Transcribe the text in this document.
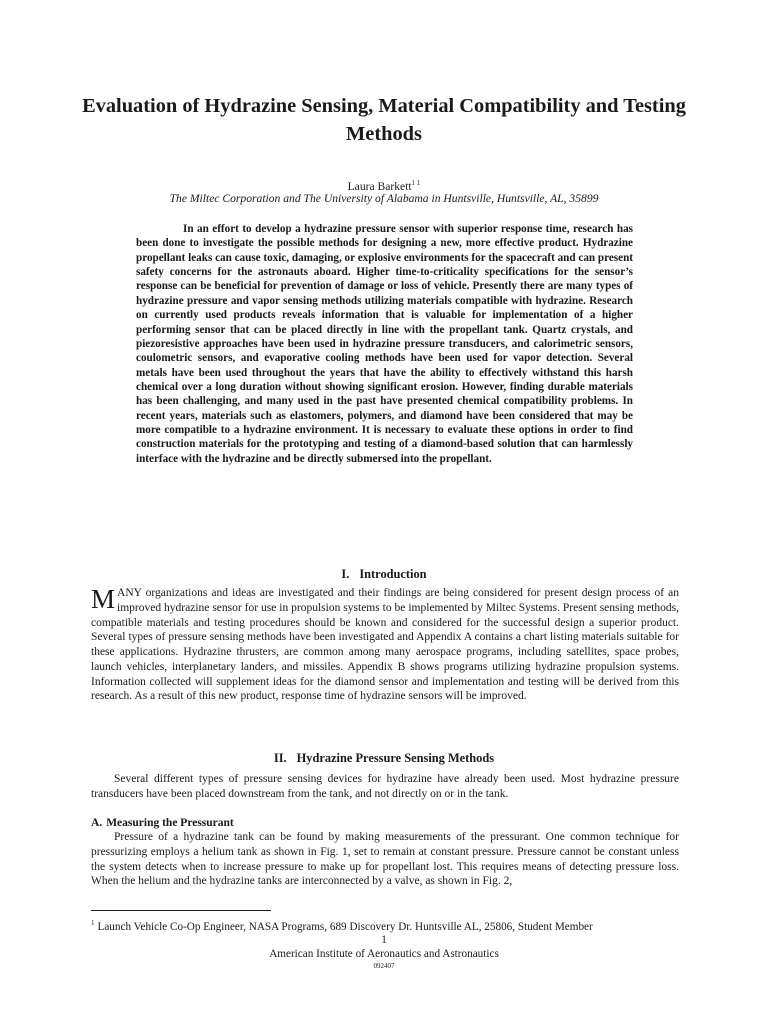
Evaluation of Hydrazine Sensing, Material Compatibility and Testing Methods
Laura Barkett$^{1 1}$
The Miltec Corporation and The University of Alabama in Huntsville, Huntsville, AL, 35899

In an effort to develop a hydrazine pressure sensor with superior response time, research has been done to investigate the possible methods for designing a new, more effective product. Hydrazine propellant leaks can cause toxic, damaging, or explosive environments for the spacecraft and can present safety concerns for the astronauts aboard. Higher time-to-criticality specifications for the sensor’s response can be beneficial for prevention of damage or loss of vehicle. Presently there are many types of hydrazine pressure and vapor sensing methods utilizing materials compatible with hydrazine. Research on currently used products reveals information that is valuable for implementation of a higher performing sensor that can be placed directly in line with the propellant tank. Quartz crystals, and piezoresistive approaches have been used in hydrazine pressure transducers, and calorimetric sensors, coulometric sensors, and evaporative cooling methods have been used for vapor detection. Several metals have been used throughout the years that have the ability to effectively withstand this harsh chemical over a long duration without showing significant erosion. However, finding durable materials has been challenging, and many used in the past have presented chemical compatibility problems. In recent years, materials such as elastomers, polymers, and diamond have been considered that may be more compatible to a hydrazine environment. It is necessary to evaluate these options in order to find construction materials for the prototyping and testing of a diamond-based solution that can harmlessly interface with the hydrazine and be directly submersed into the propellant.

I. Introduction

MANY organizations and ideas are investigated and their findings are being considered for present design process of an improved hydrazine sensor for use in propulsion systems to be implemented by Miltec Systems. Present sensing methods, compatible materials and testing procedures should be known and considered for the successful design a superior product. Several types of pressure sensing methods have been investigated and Appendix A contains a chart listing materials suitable for these applications. Hydrazine thrusters, are common among many aerospace programs, including satellites, space probes, launch vehicles, interplanetary landers, and missiles. Appendix B shows programs utilizing hydrazine propulsion systems. Information collected will supplement ideas for the diamond sensor and implementation and testing will be derived from this research. As a result of this new product, response time of hydrazine sensors will be improved.

II. Hydrazine Pressure Sensing Methods

Several different types of pressure sensing devices for hydrazine have already been used. Most hydrazine pressure transducers have been placed downstream from the tank, and not directly on or in the tank.

A. Measuring the Pressurant

Pressure of a hydrazine tank can be found by making measurements of the pressurant. One common technique for pressurizing employs a helium tank as shown in Fig. 1, set to remain at constant pressure. Pressure cannot be constant unless the system detects when to increase pressure to make up for propellant lost. This requires means of detecting pressure loss. When the helium and the hydrazine tanks are interconnected by a valve, as shown in Fig. 2,

$^1$ Launch Vehicle Co-Op Engineer, NASA Programs, 689 Discovery Dr. Huntsville AL, 25806, Student Member

1
American Institute of Aeronautics and Astronautics
092407
